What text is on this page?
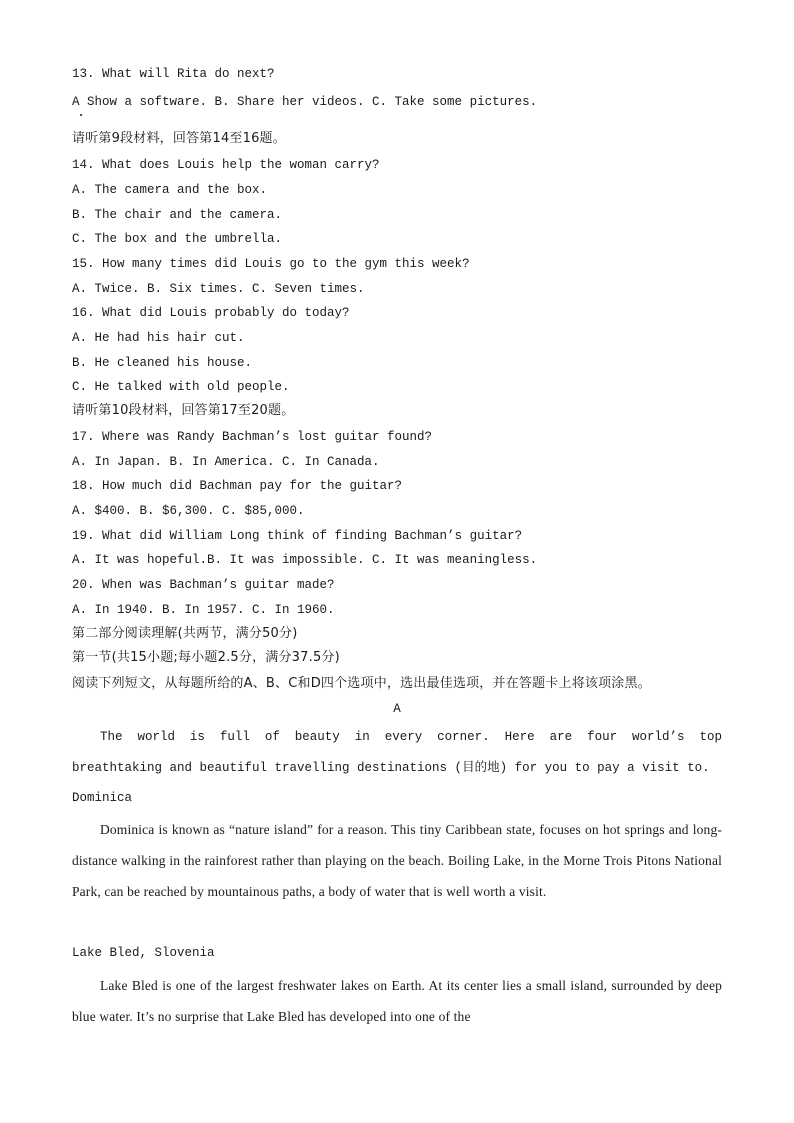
13. What will Rita do next?
A Show a software. B. Share her videos. C. Take some pictures.
请听第9段材料，回答第14至16题。
14. What does Louis help the woman carry?
A. The camera and the box.
B. The chair and the camera.
C. The box and the umbrella.
15. How many times did Louis go to the gym this week?
A. Twice. B. Six times. C. Seven times.
16. What did Louis probably do today?
A. He had his hair cut.
B. He cleaned his house.
C. He talked with old people.
请听第10段材料，回答第17至20题。
17. Where was Randy Bachman’s lost guitar found?
A. In Japan. B. In America. C. In Canada.
18. How much did Bachman pay for the guitar?
A. $400. B. $6,300. C. $85,000.
19. What did William Long think of finding Bachman’s guitar?
A. It was hopeful.B. It was impossible. C. It was meaningless.
20. When was Bachman’s guitar made?
A. In 1940. B. In 1957. C. In 1960.
第二部分阅读理解(共两节，满分50分)
第一节(共15小题;每小题2.5分，满分37.5分)
阅读下列短文，从每题所给的A、B、C和D四个选项中，选出最佳选项，并在答题卡上将该项涂黑。
A
The world is full of beauty in every corner. Here are four world’s top breathtaking and beautiful travelling destinations (目的地) for you to pay a visit to.
Dominica
Dominica is known as “nature island” for a reason. This tiny Caribbean state, focuses on hot springs and long-distance walking in the rainforest rather than playing on the beach. Boiling Lake, in the Morne Trois Pitons National Park, can be reached by mountainous paths, a body of water that is well worth a visit.
Lake Bled, Slovenia
Lake Bled is one of the largest freshwater lakes on Earth. At its center lies a small island, surrounded by deep blue water. It’s no surprise that Lake Bled has developed into one of the
